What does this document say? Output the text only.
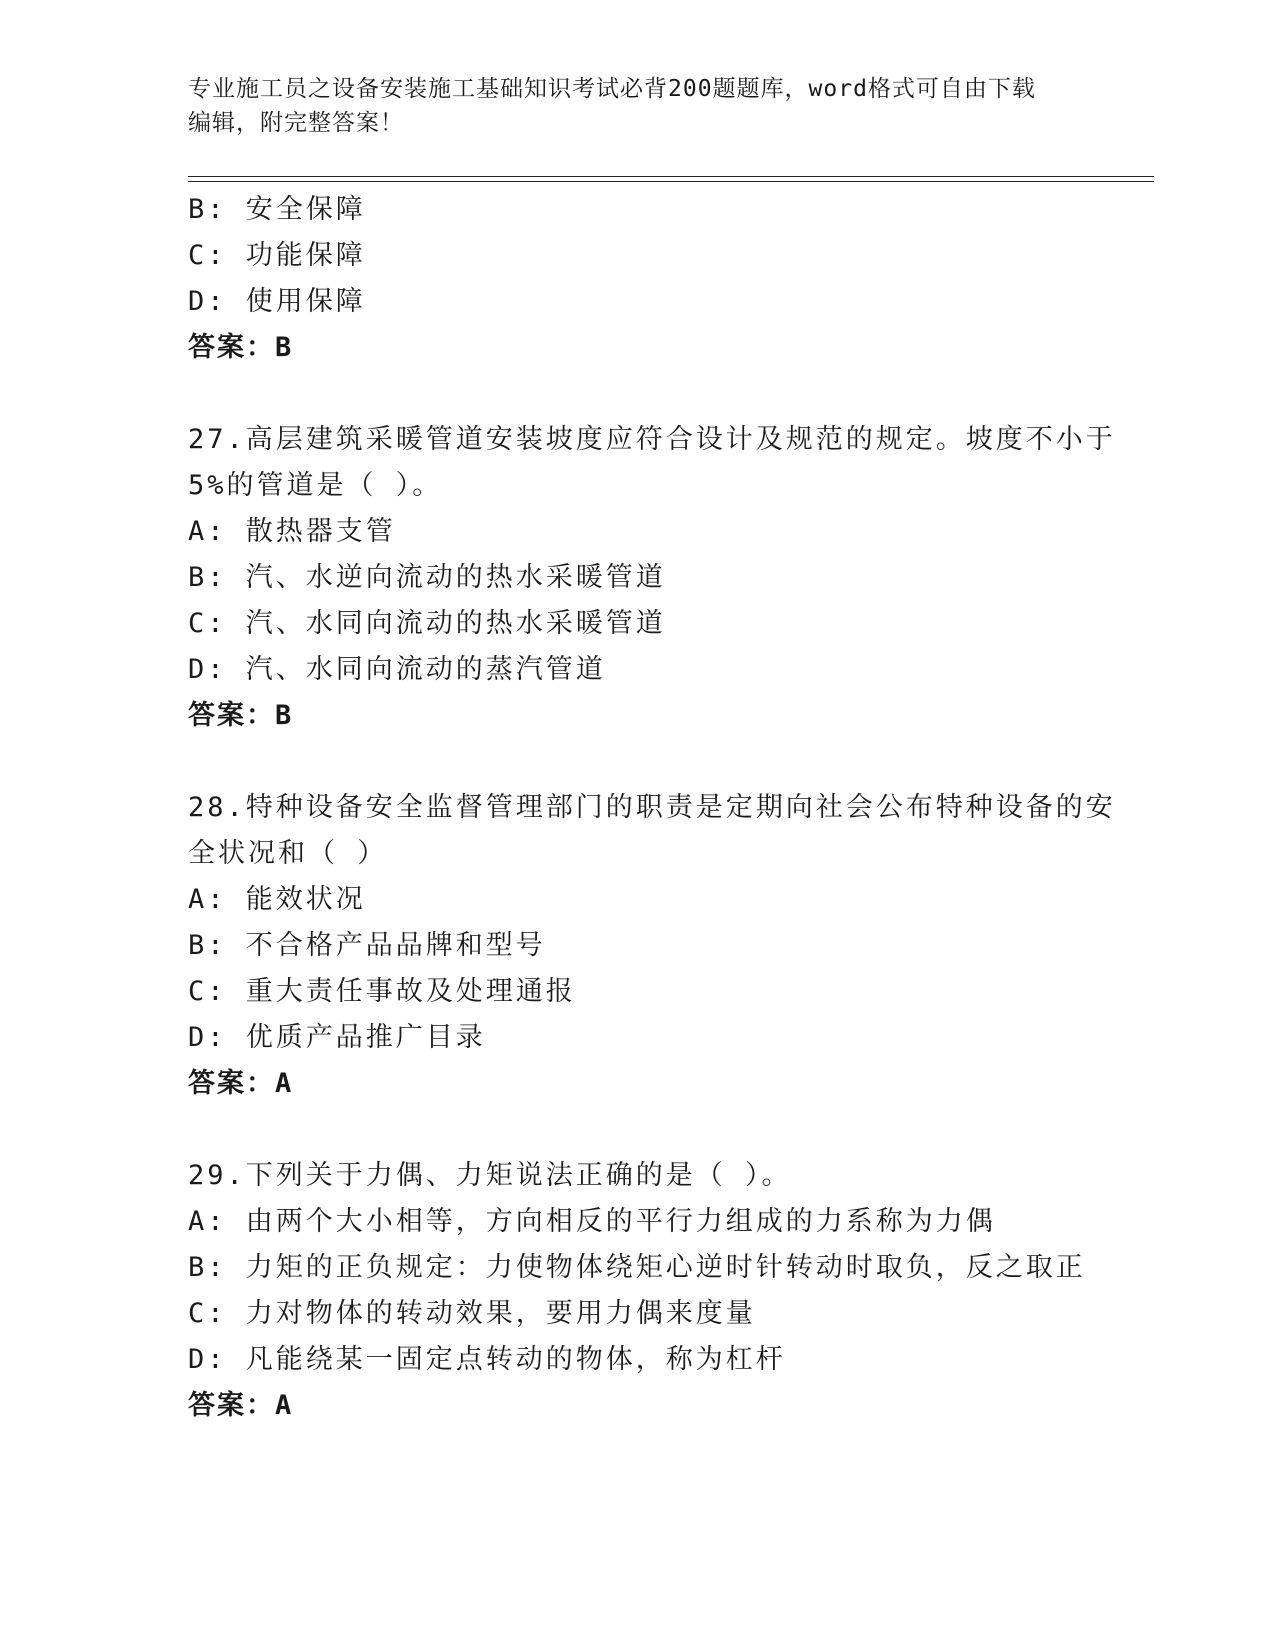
专业施工员之设备安装施工基础知识考试必背200题题库，word格式可自由下载
编辑，附完整答案！
B: 安全保障
C: 功能保障
D: 使用保障
答案：B
27.高层建筑采暖管道安装坡度应符合设计及规范的规定。坡度不小于
5%的管道是（ ）。
A: 散热器支管
B: 汽、水逆向流动的热水采暖管道
C: 汽、水同向流动的热水采暖管道
D: 汽、水同向流动的蒸汽管道
答案：B
28.特种设备安全监督管理部门的职责是定期向社会公布特种设备的安
全状况和（ ）
A: 能效状况
B: 不合格产品品牌和型号
C: 重大责任事故及处理通报
D: 优质产品推广目录
答案：A
29.下列关于力偶、力矩说法正确的是（ ）。
A: 由两个大小相等，方向相反的平行力组成的力系称为力偶
B: 力矩的正负规定：力使物体绕矩心逆时针转动时取负，反之取正
C: 力对物体的转动效果，要用力偶来度量
D: 凡能绕某一固定点转动的物体，称为杠杆
答案：A
